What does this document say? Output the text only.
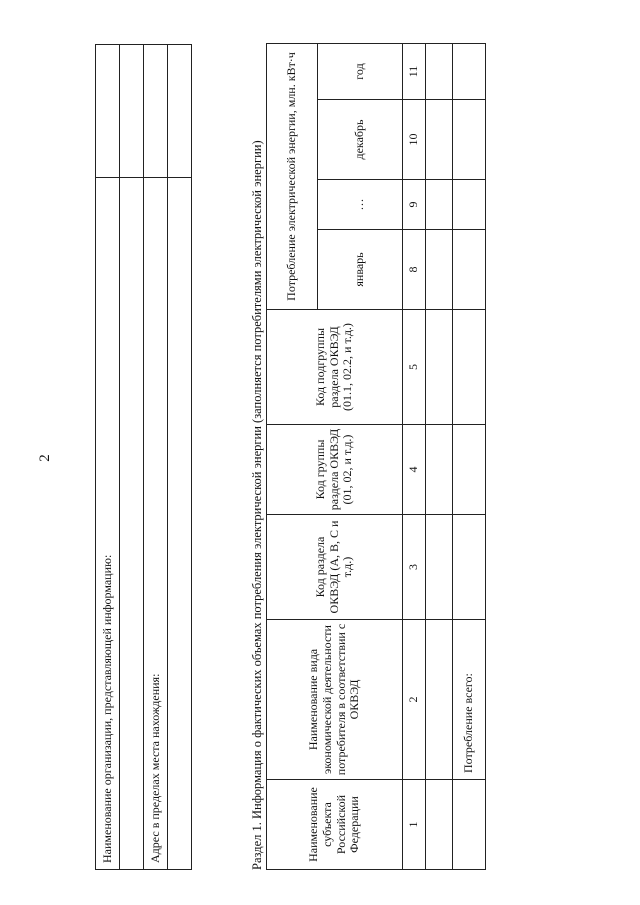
2
Наименование организации, представляющей информацию:	

Адрес в пределах места нахождения:	
		Раздел 1. Информация о фактических объемах потребления электрической энергии (заполняется потребителями электрической энергии)	Наименование субъекта Российской Федерации	Наименование вида экономической деятельности потребителя в соответствии с ОКВЭД	Код раздела ОКВЭД (A, B, C и т.д.)	Код группы раздела ОКВЭД (01, 02, и т.д.)	Код подгруппы раздела ОКВЭД (01.1, 02.2, и т.д.)	Потребление электрической энергии, млн. кВт·ч			
					январь	…	декабрь	год
1	2	3	4	5	8	9	10	11

	Потребление всего:							
